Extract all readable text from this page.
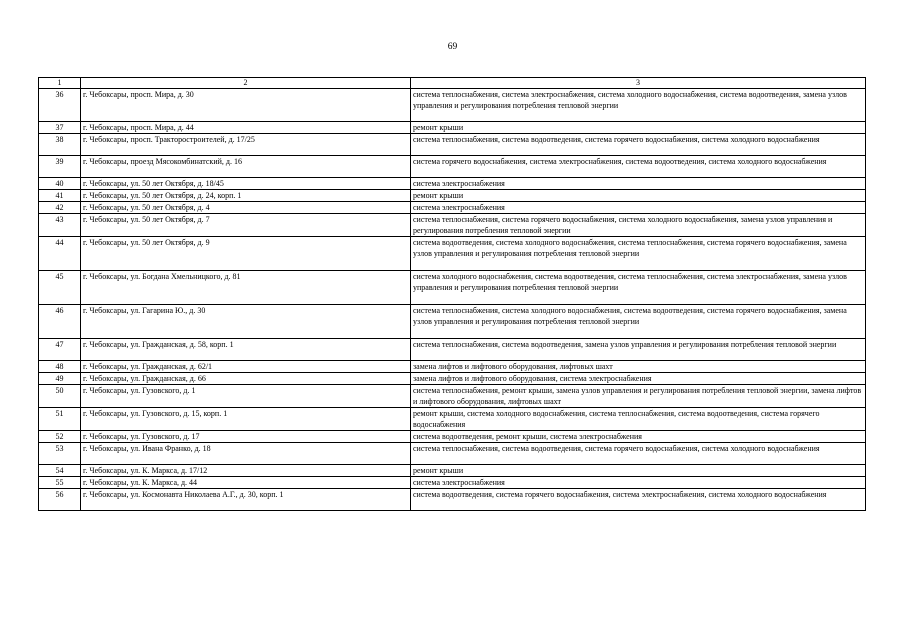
69
1	2	3
36	г. Чебоксары, просп. Мира, д. 30	система теплоснабжения, система электроснабжения, система холодного водоснабжения, система водоотведения, замена узлов управления и регулирования потребления тепловой энергии
37	г. Чебоксары, просп. Мира, д. 44	ремонт крыши
38	г. Чебоксары, просп. Тракторостроителей, д. 17/25	система теплоснабжения, система водоотведения, система горячего водоснабжения, система холодного водоснабжения
39	г. Чебоксары, проезд Мясокомбинатский, д. 16	система горячего водоснабжения, система электроснабжения, система водоотведения, система холодного водоснабжения
40	г. Чебоксары, ул. 50 лет Октября, д. 18/45	система электроснабжения
41	г. Чебоксары, ул. 50 лет Октября, д. 24, корп. 1	ремонт крыши
42	г. Чебоксары, ул. 50 лет Октября, д. 4	система электроснабжения
43	г. Чебоксары, ул. 50 лет Октября, д. 7	система теплоснабжения, система горячего водоснабжения, система холодного водоснабжения, замена узлов управления и регулирования потребления тепловой энергии
44	г. Чебоксары, ул. 50 лет Октября, д. 9	система водоотведения, система холодного водоснабжения, система теплоснабжения, система горячего водоснабжения, замена узлов управления и регулирования потребления тепловой энергии
45	г. Чебоксары, ул. Богдана Хмельницкого, д. 81	система холодного водоснабжения, система водоотведения, система теплоснабжения, система электроснабжения, замена узлов управления и регулирования потребления тепловой энергии
46	г. Чебоксары, ул. Гагарина Ю., д. 30	система теплоснабжения, система холодного водоснабжения, система водоотведения, система горячего водоснабжения, замена узлов управления и регулирования потребления тепловой энергии
47	г. Чебоксары, ул. Гражданская, д. 58, корп. 1	система теплоснабжения, система водоотведения, замена узлов управления и регулирования потребления тепловой энергии
48	г. Чебоксары, ул. Гражданская, д. 62/1	замена лифтов и лифтового оборудования, лифтовых шахт
49	г. Чебоксары, ул. Гражданская, д. 66	замена лифтов и лифтового оборудования, система электроснабжения
50	г. Чебоксары, ул. Гузовского, д. 1	система теплоснабжения, ремонт крыши, замена узлов управления и регулирования потребления тепловой энергии, замена лифтов и лифтового оборудования, лифтовых шахт
51	г. Чебоксары, ул. Гузовского, д. 15, корп. 1	ремонт крыши, система холодного водоснабжения, система теплоснабжения, система водоотведения, система горячего водоснабжения
52	г. Чебоксары, ул. Гузовского, д. 17	система водоотведения, ремонт крыши, система электроснабжения
53	г. Чебоксары, ул. Ивана Франко, д. 18	система теплоснабжения, система водоотведения, система горячего водоснабжения, система холодного водоснабжения
54	г. Чебоксары, ул. К. Маркса, д. 17/12	ремонт крыши
55	г. Чебоксары, ул. К. Маркса, д. 44	система электроснабжения
56	г. Чебоксары, ул. Космонавта Николаева А.Г., д. 30, корп. 1	система водоотведения, система горячего водоснабжения, система электроснабжения, система холодного водоснабжения
